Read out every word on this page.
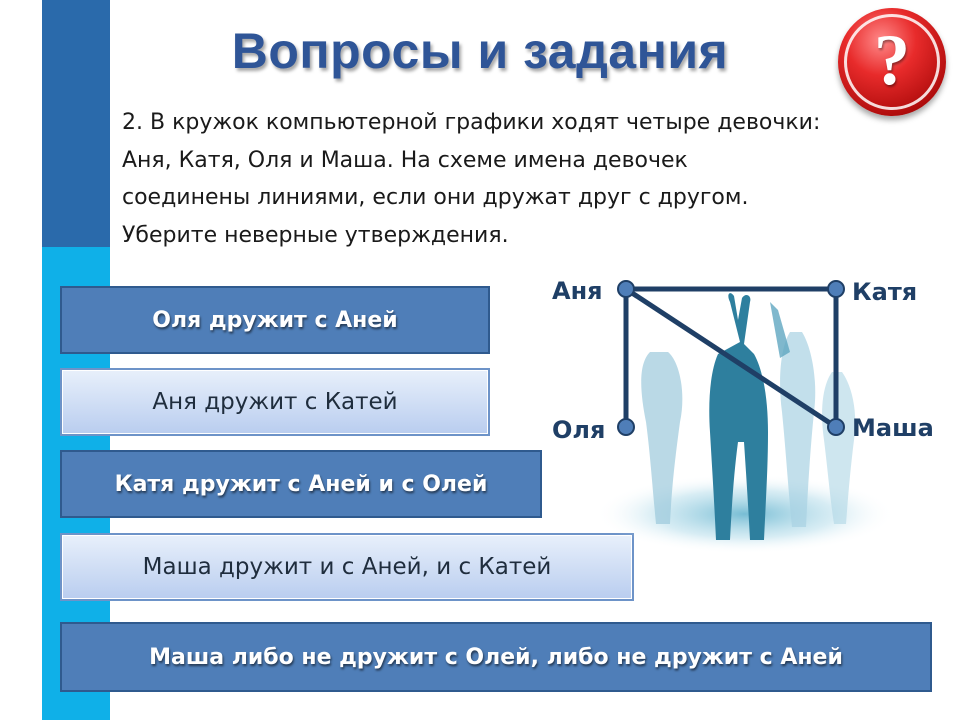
Вопросы и задания	?

2. В кружок компьютерной графики ходят четыре девочки:
Аня, Катя, Оля и Маша. На схеме имена девочек
соединены линиями, если они дружат друг с другом.
Уберите неверные утверждения.

Оля дружит с Аней
Аня дружит с Катей
Катя дружит с Аней и с Олей
Маша дружит и с Аней, и с Катей
Маша либо не дружит с Олей, либо не дружит с Аней
Аня	Катя
Оля	Маша
